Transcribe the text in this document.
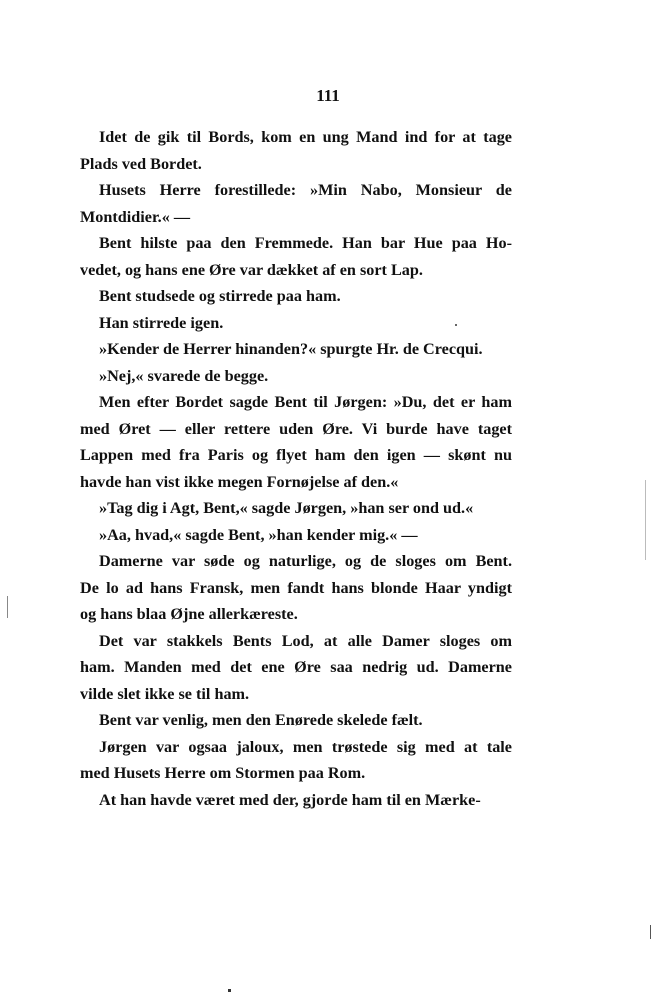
111

Idet de gik til Bords, kom en ung Mand ind for at tage
Plads ved Bordet.

Husets Herre forestillede: »Min Nabo, Monsieur de
Montdidier.« —

Bent hilste paa den Fremmede. Han bar Hue paa Ho-
vedet, og hans ene Øre var dækket af en sort Lap.

Bent studsede og stirrede paa ham.

Han stirrede igen.

»Kender de Herrer hinanden?« spurgte Hr. de Crecqui.

»Nej,« svarede de begge.

Men efter Bordet sagde Bent til Jørgen: »Du, det er ham
med Øret — eller rettere uden Øre. Vi burde have taget
Lappen med fra Paris og flyet ham den igen — skønt nu
havde han vist ikke megen Fornøjelse af den.«

»Tag dig i Agt, Bent,« sagde Jørgen, »han ser ond ud.«

»Aa, hvad,« sagde Bent, »han kender mig.« —

Damerne var søde og naturlige, og de sloges om Bent.
De lo ad hans Fransk, men fandt hans blonde Haar yndigt
og hans blaa Øjne allerkæreste.

Det var stakkels Bents Lod, at alle Damer sloges om
ham. Manden med det ene Øre saa nedrig ud. Damerne
vilde slet ikke se til ham.

Bent var venlig, men den Enørede skelede fælt.

Jørgen var ogsaa jaloux, men trøstede sig med at tale
med Husets Herre om Stormen paa Rom.

At han havde været med der, gjorde ham til en Mærke-
